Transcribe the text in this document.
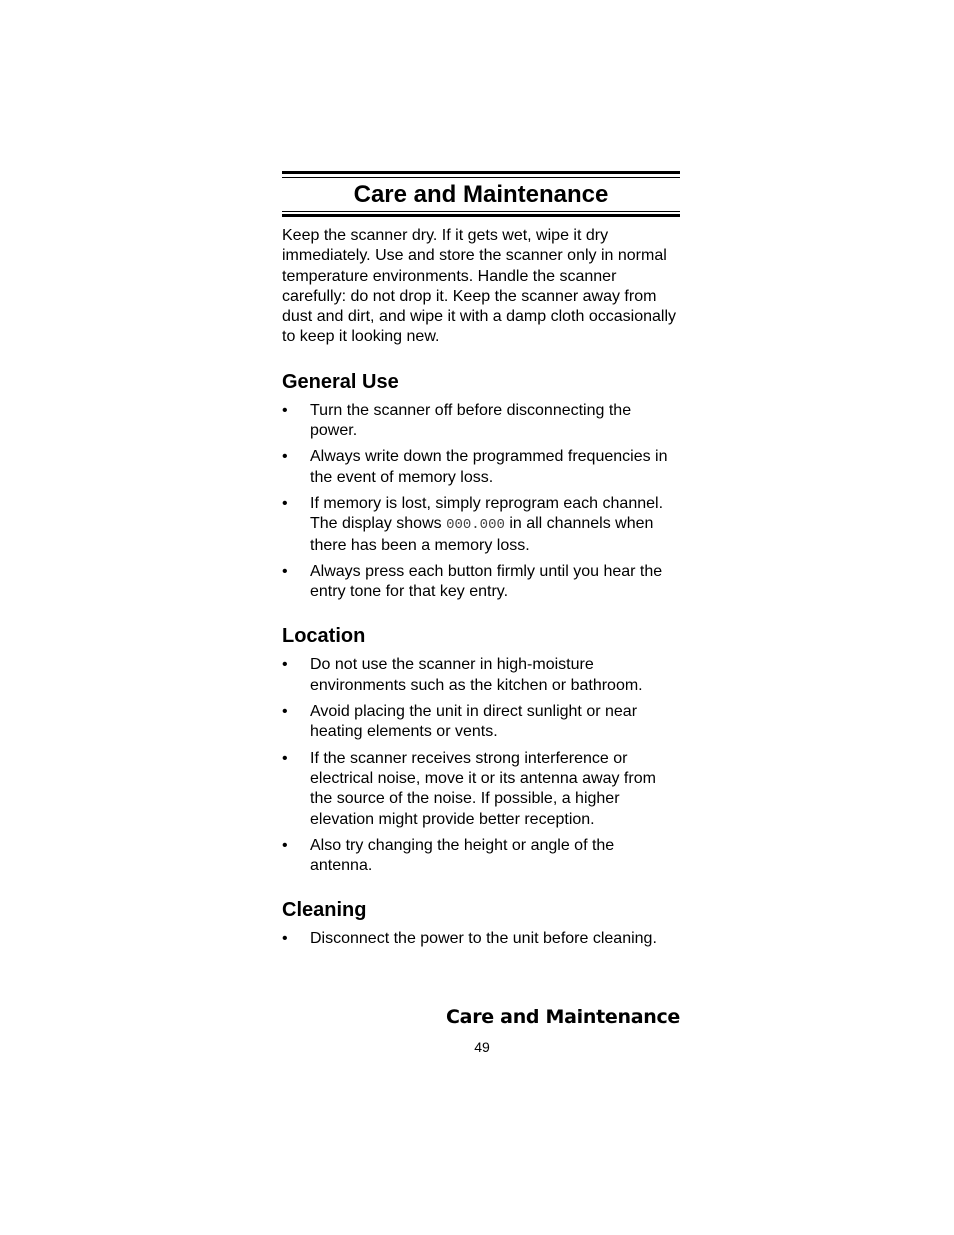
Care and Maintenance

Keep the scanner dry. If it gets wet, wipe it dry immediately. Use and store the scanner only in normal temperature environments. Handle the scanner carefully: do not drop it. Keep the scanner away from dust and dirt, and wipe it with a damp cloth occasionally to keep it looking new.

General Use
• Turn the scanner off before disconnecting the power.
• Always write down the programmed frequencies in the event of memory loss.
• If memory is lost, simply reprogram each channel. The display shows 000.000 in all channels when there has been a memory loss.
• Always press each button firmly until you hear the entry tone for that key entry.
Location
• Do not use the scanner in high-moisture environments such as the kitchen or bathroom.
• Avoid placing the unit in direct sunlight or near heating elements or vents.
• If the scanner receives strong interference or electrical noise, move it or its antenna away from the source of the noise. If possible, a higher elevation might provide better reception.
• Also try changing the height or angle of the antenna.
Cleaning
• Disconnect the power to the unit before cleaning.
Care and Maintenance
49
